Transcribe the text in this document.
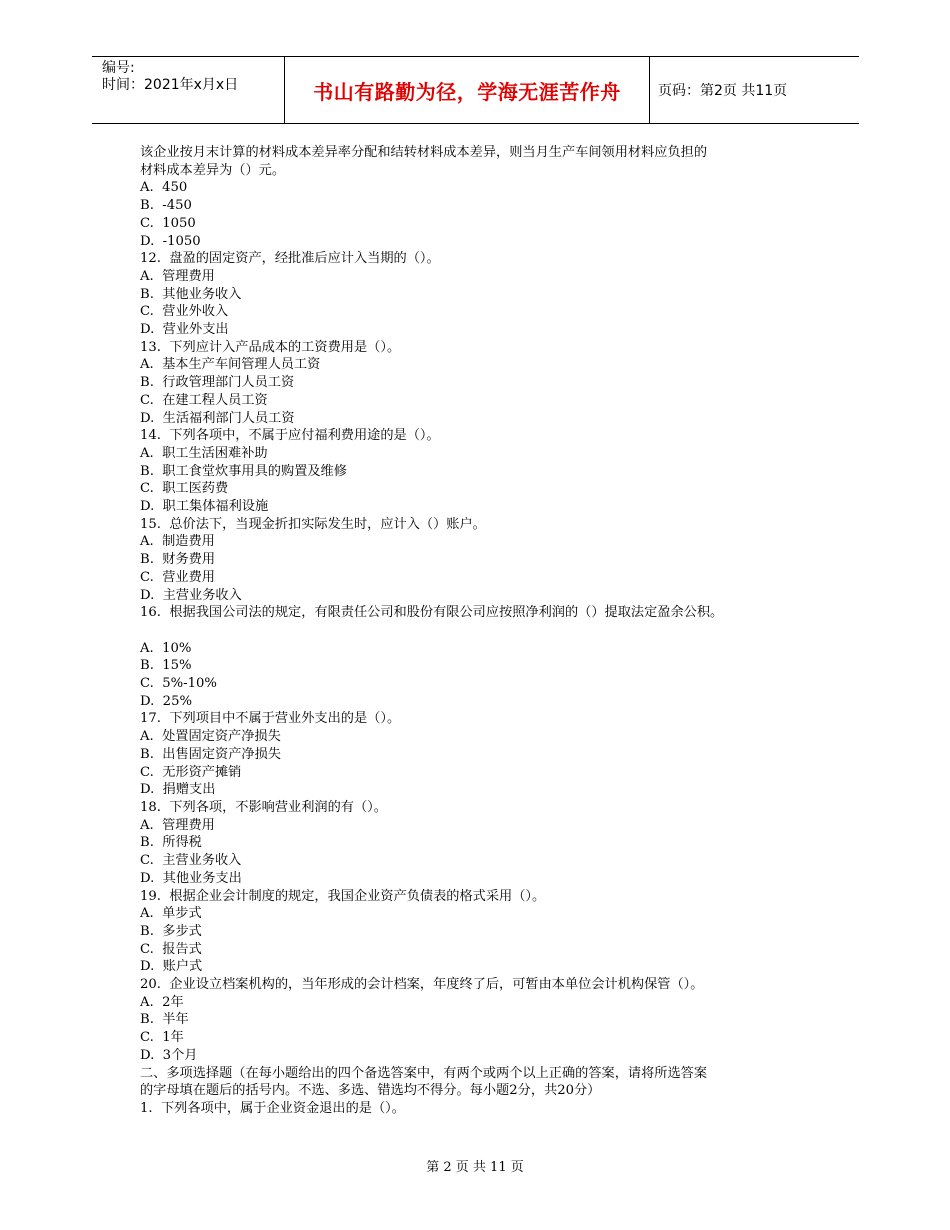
编号:
时间：2021年x月x日	书山有路勤为径，学海无涯苦作舟	页码：第2页 共11页

该企业按月末计算的材料成本差异率分配和结转材料成本差异，则当月生产车间领用材料应负担的

材料成本差异为（）元。

A.  450

B.  -450

C.  1050

D.  -1050

12.  盘盈的固定资产，经批准后应计入当期的（）。

A.  管理费用

B.  其他业务收入

C.  营业外收入

D.  营业外支出

13.  下列应计入产品成本的工资费用是（）。

A.  基本生产车间管理人员工资

B.  行政管理部门人员工资

C.  在建工程人员工资

D.  生活福利部门人员工资

14.  下列各项中，不属于应付福利费用途的是（）。

A.  职工生活困难补助

B.  职工食堂炊事用具的购置及维修

C.  职工医药费

D.  职工集体福利设施

15.  总价法下，当现金折扣实际发生时，应计入（）账户。

A.  制造费用

B.  财务费用

C.  营业费用

D.  主营业务收入

16.  根据我国公司法的规定，有限责任公司和股份有限公司应按照净利润的（）提取法定盈余公积。

A.  10%

B.  15%

C.  5%-10%

D.  25%

17.  下列项目中不属于营业外支出的是（）。

A.  处置固定资产净损失

B.  出售固定资产净损失

C.  无形资产摊销

D.  捐赠支出

18.  下列各项，不影响营业利润的有（）。

A.  管理费用

B.  所得税

C.  主营业务收入

D.  其他业务支出

19.  根据企业会计制度的规定，我国企业资产负债表的格式采用（）。

A.  单步式

B.  多步式

C.  报告式

D.  账户式

20.  企业设立档案机构的，当年形成的会计档案，年度终了后，可暂由本单位会计机构保管（）。

A.  2年

B.  半年

C.  1年

D.  3个月

二、多项选择题（在每小题给出的四个备选答案中，有两个或两个以上正确的答案，请将所选答案

的字母填在题后的括号内。不选、多选、错选均不得分。每小题2分，共20分）

1.  下列各项中，属于企业资金退出的是（）。

第 2 页 共 11 页
